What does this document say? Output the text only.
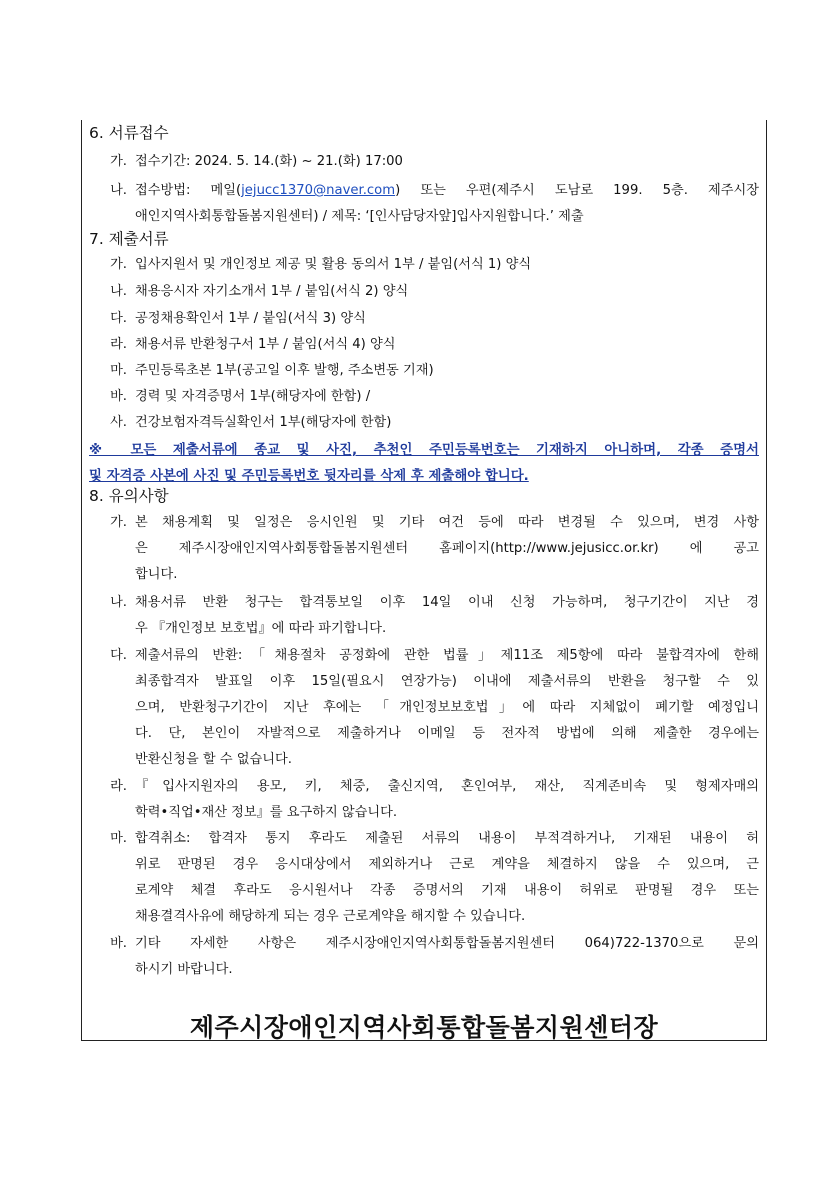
6. 서류접수
가. 접수기간: 2024. 5. 14.(화) ~ 21.(화) 17:00
나. 접수방법: 메일(jejucc1370@naver.com) 또는 우편(제주시 도남로 199. 5층. 제주시장
애인지역사회통합돌봄지원센터) / 제목: ‘[인사담당자앞]입사지원합니다.’ 제출
7. 제출서류
가. 입사지원서 및 개인정보 제공 및 활용 동의서 1부 / 붙임(서식 1) 양식
나. 채용응시자 자기소개서 1부 / 붙임(서식 2) 양식
다. 공정채용확인서 1부 / 붙임(서식 3) 양식
라. 채용서류 반환청구서 1부 / 붙임(서식 4) 양식
마. 주민등록초본 1부(공고일 이후 발행, 주소변동 기재)
바. 경력 및 자격증명서 1부(해당자에 한함) /
사. 건강보험자격득실확인서 1부(해당자에 한함)
※ 모든 제출서류에 종교 및 사진, 추천인 주민등록번호는 기재하지 아니하며, 각종 증명서
및 자격증 사본에 사진 및 주민등록번호 뒷자리를 삭제 후 제출해야 합니다.
8. 유의사항
가. 본 채용계획 및 일정은 응시인원 및 기타 여건 등에 따라 변경될 수 있으며, 변경 사항
은 제주시장애인지역사회통합돌봄지원센터 홈페이지(http://www.jejusicc.or.kr) 에 공고
합니다.
나. 채용서류 반환 청구는 합격통보일 이후 14일 이내 신청 가능하며, 청구기간이 지난 경
우 『개인정보 보호법』에 따라 파기합니다.
다. 제출서류의 반환:「채용절차 공정화에 관한 법률」제11조 제5항에 따라 불합격자에 한해
최종합격자 발표일 이후 15일(필요시 연장가능) 이내에 제출서류의 반환을 청구할 수 있
으며, 반환청구기간이 지난 후에는 「개인정보보호법」에 따라 지체없이 폐기할 예정입니
다. 단, 본인이 자발적으로 제출하거나 이메일 등 전자적 방법에 의해 제출한 경우에는
반환신청을 할 수 없습니다.
라. 『입사지원자의 용모, 키, 체중, 출신지역, 혼인여부, 재산, 직계존비속 및 형제자매의
학력•직업•재산 정보』를 요구하지 않습니다.
마. 합격취소: 합격자 통지 후라도 제출된 서류의 내용이 부적격하거나, 기재된 내용이 허
위로 판명된 경우 응시대상에서 제외하거나 근로 계약을 체결하지 않을 수 있으며, 근
로계약 체결 후라도 응시원서나 각종 증명서의 기재 내용이 허위로 판명될 경우 또는
채용결격사유에 해당하게 되는 경우 근로계약을 해지할 수 있습니다.
바. 기타 자세한 사항은 제주시장애인지역사회통합돌봄지원센터 064)722-1370으로 문의
하시기 바랍니다.
제주시장애인지역사회통합돌봄지원센터장
